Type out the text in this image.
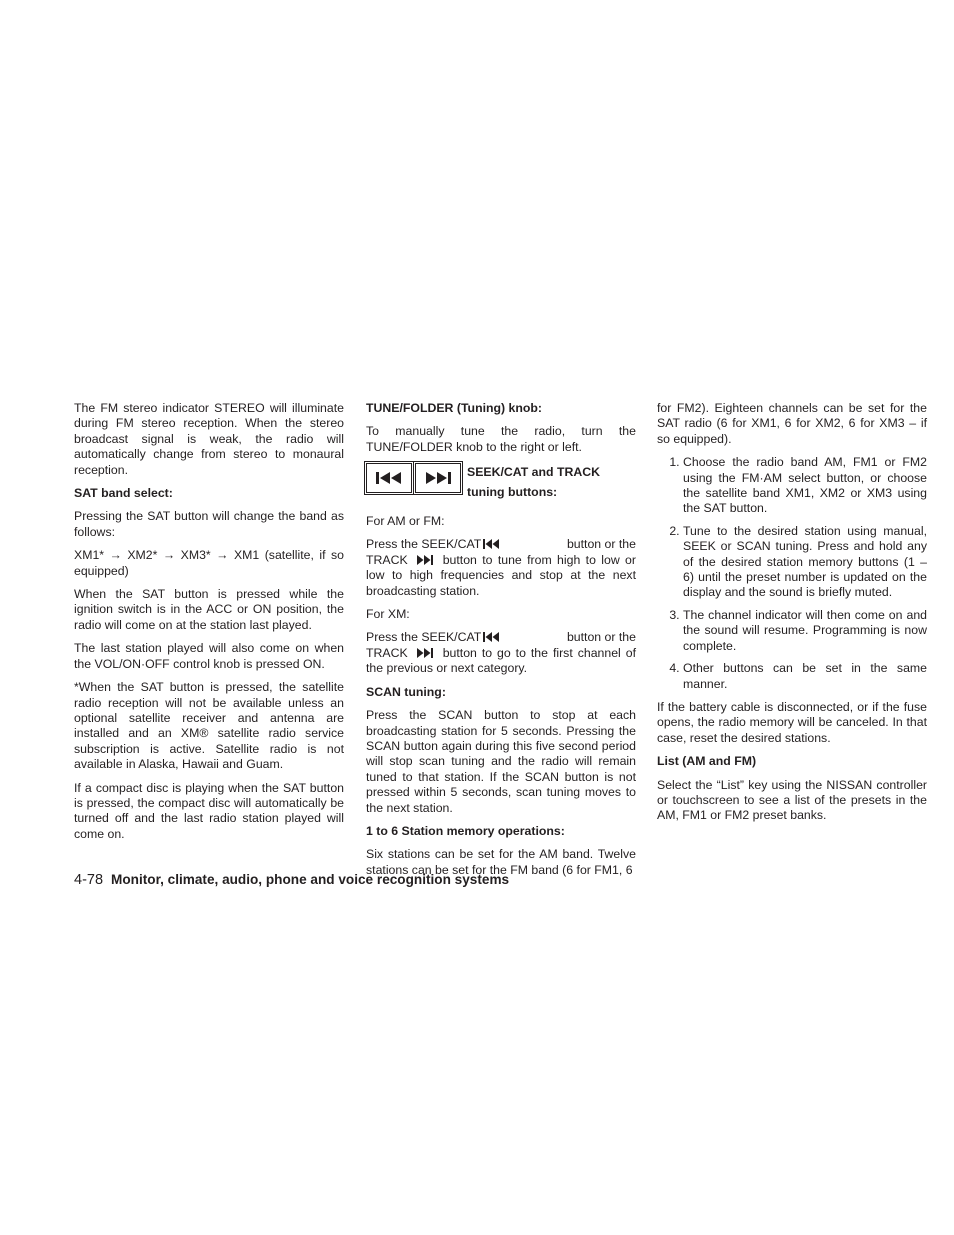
The FM stereo indicator STEREO will illuminate during FM stereo reception. When the stereo broadcast signal is weak, the radio will automatically change from stereo to monaural reception.

SAT band select:

Pressing the SAT button will change the band as follows:

XM1* → XM2* → XM3* → XM1 (satellite, if so equipped)

When the SAT button is pressed while the ignition switch is in the ACC or ON position, the radio will come on at the station last played.

The last station played will also come on when the VOL/ON·OFF control knob is pressed ON.

*When the SAT button is pressed, the satellite radio reception will not be available unless an optional satellite receiver and antenna are installed and an XM® satellite radio service subscription is active. Satellite radio is not available in Alaska, Hawaii and Guam.

If a compact disc is playing when the SAT button is pressed, the compact disc will automatically be turned off and the last radio station played will come on.

TUNE/FOLDER (Tuning) knob:

To manually tune the radio, turn the TUNE/FOLDER knob to the right or left.

SEEK/CAT and TRACK
tuning buttons:

For AM or FM:

Press the SEEK/CAT	button or the
TRACK	button to tune from high to low or low to high frequencies and stop at the next broadcasting station.

For XM:

Press the SEEK/CAT	button or the
TRACK	button to go to the first channel of the previous or next category.

SCAN tuning:

Press the SCAN button to stop at each broadcasting station for 5 seconds. Pressing the SCAN button again during this five second period will stop scan tuning and the radio will remain tuned to that station. If the SCAN button is not pressed within 5 seconds, scan tuning moves to the next station.

1 to 6 Station memory operations:

Six stations can be set for the AM band. Twelve stations can be set for the FM band (6 for FM1, 6

for FM2). Eighteen channels can be set for the SAT radio (6 for XM1, 6 for XM2, 6 for XM3 – if so equipped).

1. Choose the radio band AM, FM1 or FM2 using the FM·AM select button, or choose the satellite band XM1, XM2 or XM3 using the SAT button.
2. Tune to the desired station using manual, SEEK or SCAN tuning. Press and hold any of the desired station memory buttons (1 – 6) until the preset number is updated on the display and the sound is briefly muted.
3. The channel indicator will then come on and the sound will resume. Programming is now complete.
4. Other buttons can be set in the same manner.

If the battery cable is disconnected, or if the fuse opens, the radio memory will be canceled. In that case, reset the desired stations.

List (AM and FM)

Select the “List” key using the NISSAN controller or touchscreen to see a list of the presets in the AM, FM1 or FM2 preset banks.

4-78 Monitor, climate, audio, phone and voice recognition systems
